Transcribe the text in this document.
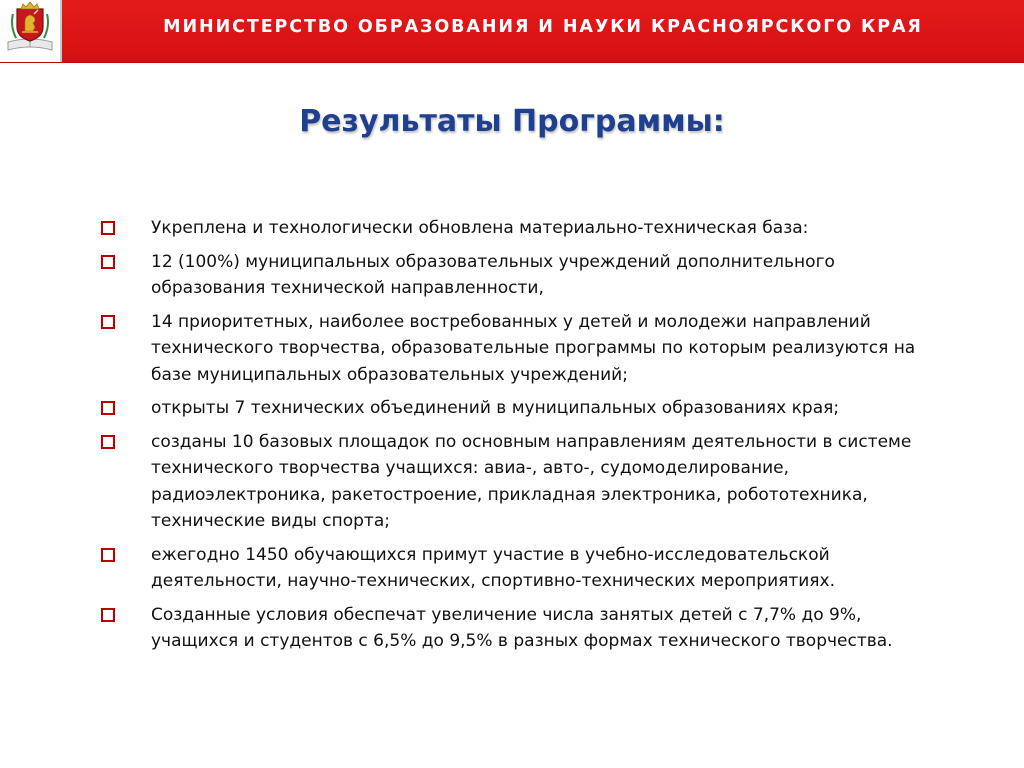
МИНИСТЕРСТВО ОБРАЗОВАНИЯ И НАУКИ КРАСНОЯРСКОГО КРАЯ
Результаты Программы:
Укреплена и технологически обновлена материально-техническая база:
12 (100%) муниципальных образовательных учреждений дополнительного образования технической направленности,
14 приоритетных, наиболее востребованных у детей и молодежи направлений технического творчества, образовательные программы по которым реализуются на базе муниципальных образовательных учреждений;
открыты 7 технических объединений в муниципальных образованиях края;
созданы 10 базовых площадок по основным направлениям деятельности в системе технического творчества учащихся: авиа-, авто-, судомоделирование, радиоэлектроника, ракетостроение, прикладная электроника, робототехника, технические виды спорта;
ежегодно 1450 обучающихся примут участие в учебно-исследовательской деятельности, научно-технических, спортивно-технических мероприятиях.
Созданные условия обеспечат увеличение числа занятых детей с 7,7% до 9%, учащихся и студентов с 6,5% до 9,5% в разных формах технического творчества.
